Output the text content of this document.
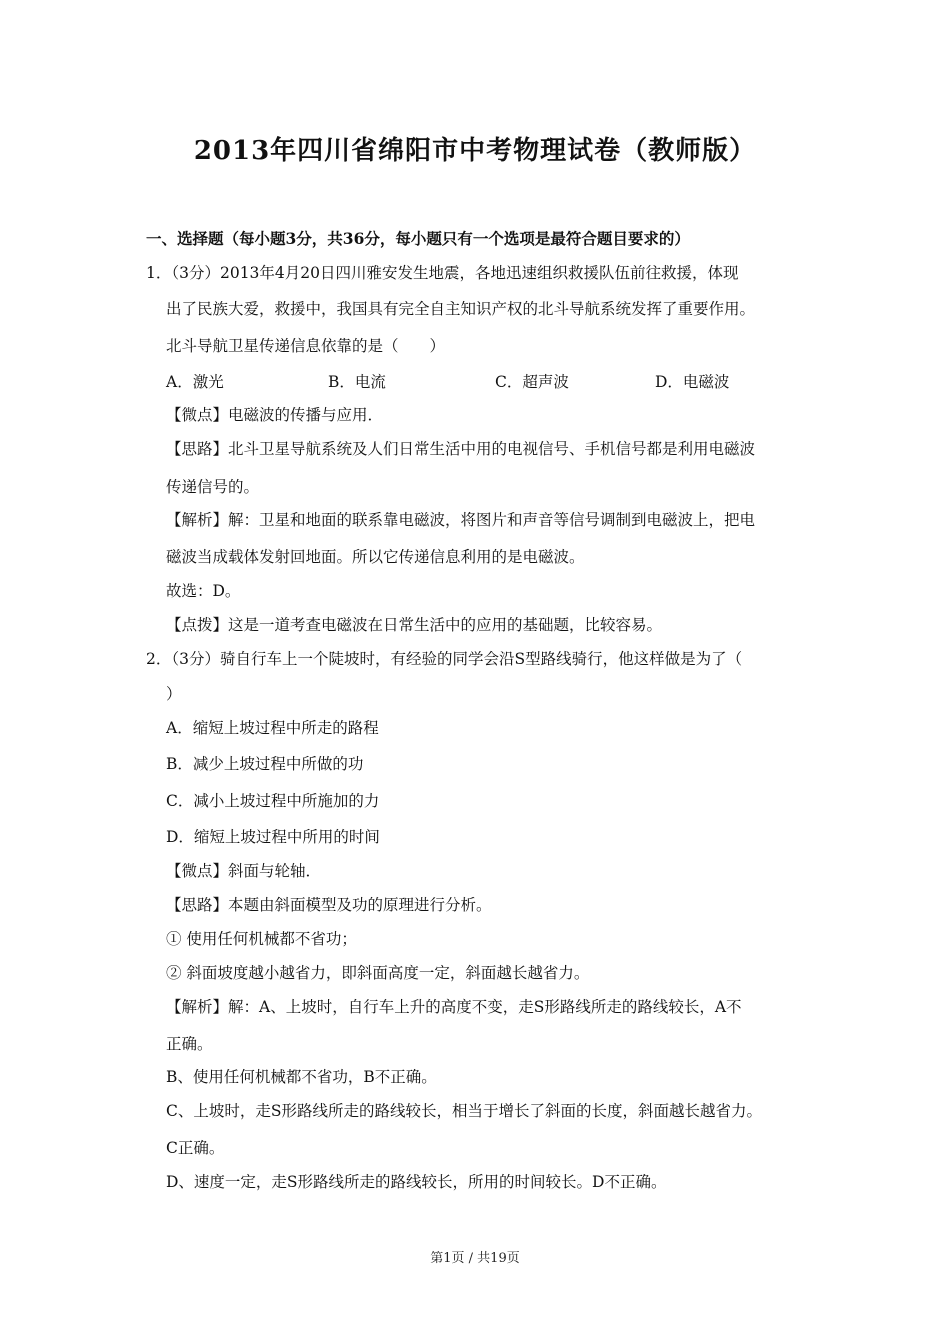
2013年四川省绵阳市中考物理试卷（教师版）
一、选择题（每小题3分，共36分，每小题只有一个选项是最符合题目要求的）
1．（3分）2013年4月20日四川雅安发生地震，各地迅速组织救援队伍前往救援，体现
出了民族大爱，救援中，我国具有完全自主知识产权的北斗导航系统发挥了重要作用。
北斗导航卫星传递信息依靠的是（　　）
A．激光	B．电流	C．超声波	D．电磁波
【微点】电磁波的传播与应用．
【思路】北斗卫星导航系统及人们日常生活中用的电视信号、手机信号都是利用电磁波
传递信号的。
【解析】解：卫星和地面的联系靠电磁波，将图片和声音等信号调制到电磁波上，把电
磁波当成载体发射回地面。所以它传递信息利用的是电磁波。
故选：D。
【点拨】这是一道考查电磁波在日常生活中的应用的基础题，比较容易。
2．（3分）骑自行车上一个陡坡时，有经验的同学会沿S型路线骑行，他这样做是为了（
）
A．缩短上坡过程中所走的路程
B．减少上坡过程中所做的功
C．减小上坡过程中所施加的力
D．缩短上坡过程中所用的时间
【微点】斜面与轮轴．
【思路】本题由斜面模型及功的原理进行分析。
① 使用任何机械都不省功；
② 斜面坡度越小越省力，即斜面高度一定，斜面越长越省力。
【解析】解：A、上坡时，自行车上升的高度不变，走S形路线所走的路线较长，A不
正确。
B、使用任何机械都不省功，B不正确。
C、上坡时，走S形路线所走的路线较长，相当于增长了斜面的长度，斜面越长越省力。
C正确。
D、速度一定，走S形路线所走的路线较长，所用的时间较长。D不正确。
第1页 / 共19页
